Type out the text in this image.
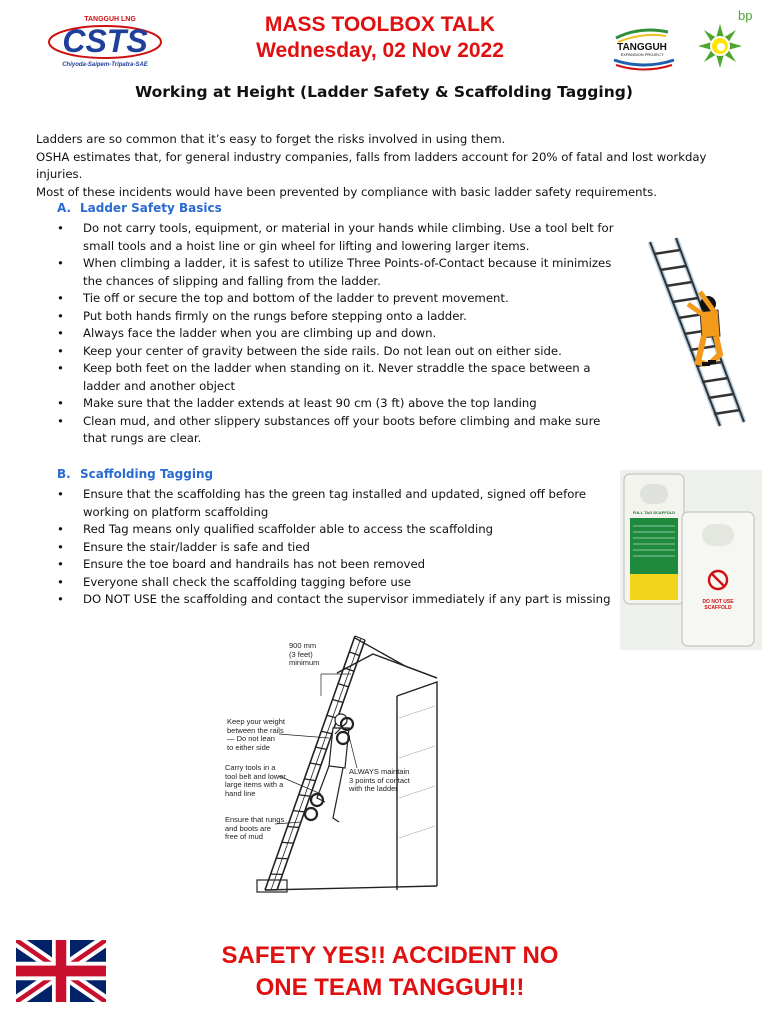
TANGGUH LNG
CSTS
Chiyoda-Saipem-Tripatra-SAE
MASS TOOLBOX TALK
Wednesday, 02 Nov 2022	TANGGUH
EXPANSION PROJECT
bp
Working at Height (Ladder Safety & Scaffolding Tagging)

Ladders are so common that it’s easy to forget the risks involved in using them.

OSHA estimates that, for general industry companies, falls from ladders account for 20% of fatal and lost workday injuries.

Most of these incidents would have been prevented by compliance with basic ladder safety requirements.

A. Ladder Safety Basics
• Do not carry tools, equipment, or material in your hands while climbing. Use a tool belt for small tools and a hoist line or gin wheel for lifting and lowering larger items.
• When climbing a ladder, it is safest to utilize Three Points-of-Contact because it minimizes the chances of slipping and falling from the ladder.
• Tie off or secure the top and bottom of the ladder to prevent movement.
• Put both hands firmly on the rungs before stepping onto a ladder.
• Always face the ladder when you are climbing up and down.
• Keep your center of gravity between the side rails. Do not lean out on either side.
• Keep both feet on the ladder when standing on it. Never straddle the space between a ladder and another object
• Make sure that the ladder extends at least 90 cm (3 ft) above the top landing
• Clean mud, and other slippery substances off your boots before climbing and make sure that rungs are clear.
B. Scaffolding Tagging
• Ensure that the scaffolding has the green tag installed and updated, signed off before working on platform scaffolding
• Red Tag means only qualified scaffolder able to access the scaffolding
• Ensure the stair/ladder is safe and tied
• Ensure the toe board and handrails has not been removed
• Everyone shall check the scaffolding tagging before use
• DO NOT USE the scaffolding and contact the supervisor immediately if any part is missing
FULL TAG SCAFFOLD
DO NOT USE
SCAFFOLD
900 mm
(3 feet)
minimum
Keep your weight
between the rails
— Do not lean
to either side
Carry tools in a
tool belt and lower
large items with a
hand line
Ensure that rungs
and boots are
free of mud
ALWAYS maintain
3 points of contact
with the ladder
SAFETY YES!! ACCIDENT NO
ONE TEAM TANGGUH!!
